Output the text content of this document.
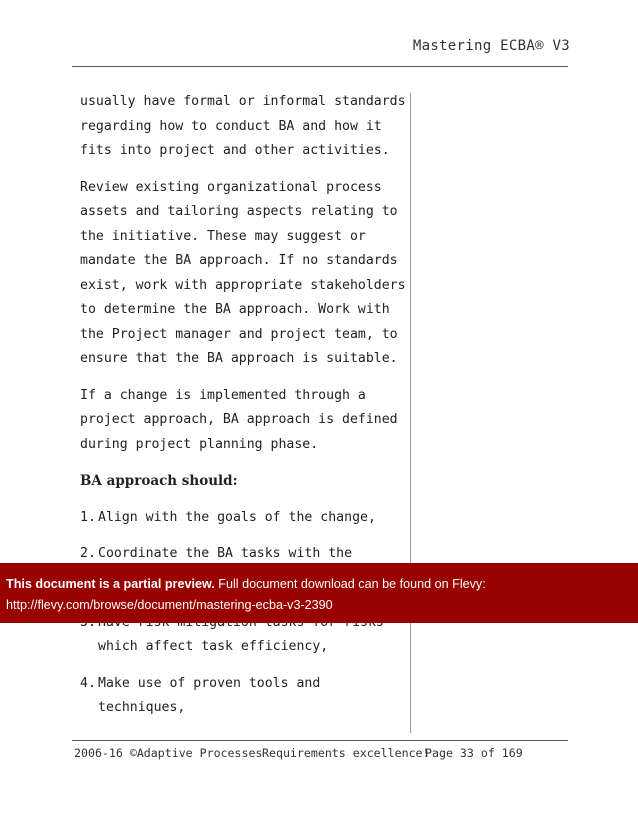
Mastering ECBA® V3

usually have formal or informal standards regarding how to conduct BA and how it fits into project and other activities.

Review existing organizational process assets and tailoring aspects relating to the initiative. These may suggest or mandate the BA approach. If no standards exist, work with appropriate stakeholders to determine the BA approach. Work with the Project manager and project team, to ensure that the BA approach is suitable.

If a change is implemented through a project approach, BA approach is defined during project planning phase.

BA approach should:

1. Align with the goals of the change,
2. Coordinate the BA tasks with the
which affect task efficiency,
4. Make use of proven tools and techniques,
This document is a partial preview. Full document download can be found on Flevy:
http://flevy.com/browse/document/mastering-ecba-v3-2390
2006-16 ©Adaptive Processes Requirements excellence!
Page 33 of 169
